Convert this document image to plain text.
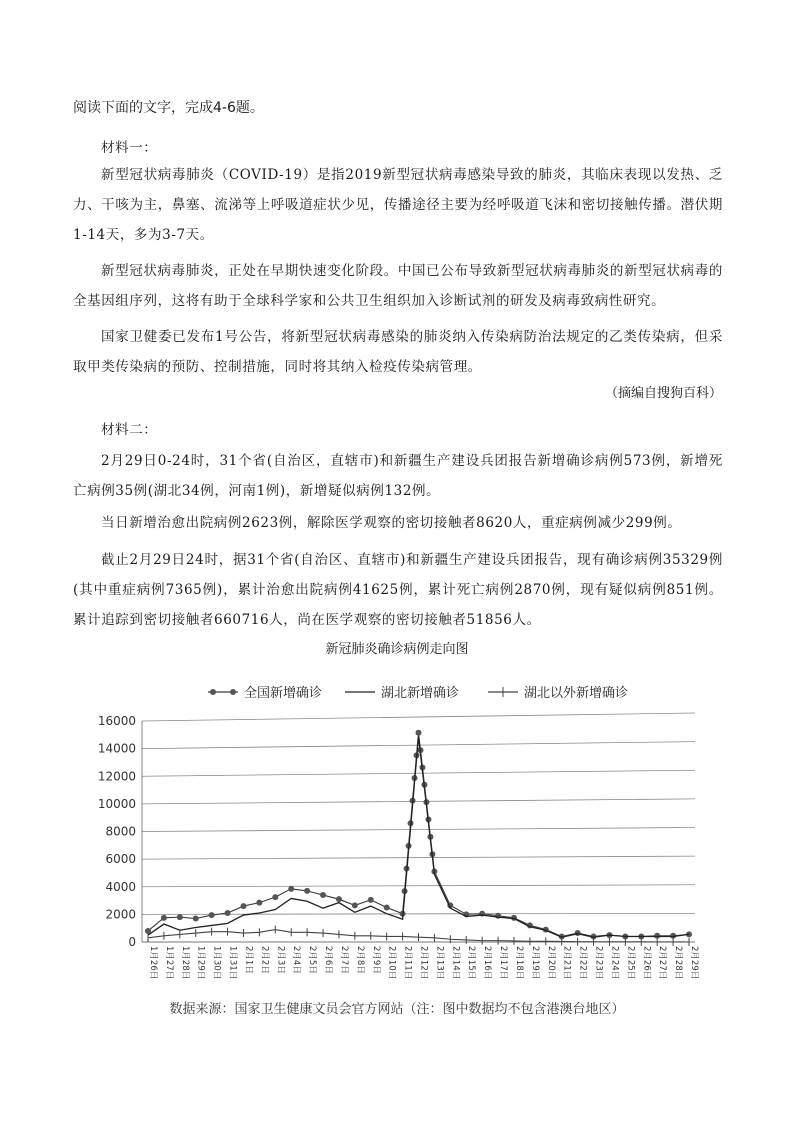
阅读下面的文字，完成4-6题。
材料一：
新型冠状病毒肺炎（COVID-19）是指2019新型冠状病毒感染导致的肺炎，其临床表现以发热、乏力、干咳为主，鼻塞、流涕等上呼吸道症状少见，传播途径主要为经呼吸道飞沫和密切接触传播。潜伏期1-14天，多为3-7天。
新型冠状病毒肺炎，正处在早期快速变化阶段。中国已公布导致新型冠状病毒肺炎的新型冠状病毒的全基因组序列，这将有助于全球科学家和公共卫生组织加入诊断试剂的研发及病毒致病性研究。
国家卫健委已发布1号公告，将新型冠状病毒感染的肺炎纳入传染病防治法规定的乙类传染病，但采取甲类传染病的预防、控制措施，同时将其纳入检疫传染病管理。
（摘编自搜狗百科）
材料二：
2月29日0-24时，31个省(自治区，直辖市)和新疆生产建设兵团报告新增确诊病例573例，新增死亡病例35例(湖北34例，河南1例)，新增疑似病例132例。
当日新增治愈出院病例2623例，解除医学观察的密切接触者8620人，重症病例减少299例。
截止2月29日24时，据31个省(自治区、直辖市)和新疆生产建设兵团报告，现有确诊病例35329例(其中重症病例7365例)，累计治愈出院病例41625例，累计死亡病例2870例，现有疑似病例851例。累计追踪到密切接触者660716人，尚在医学观察的密切接触者51856人。
新冠肺炎确诊病例走向图
0
2000
4000
6000
8000
10000
12000
14000
16000
1月26日 1月27日 1月28日 1月29日 1月30日 1月31日 2月1日 2月2日 2月3日 2月4日 2月5日 2月6日 2月7日 2月8日 2月9日 2月10日 2月11日 2月12日 2月13日 2月14日 2月15日 2月16日 2月17日 2月18日 2月19日 2月20日 2月21日 2月22日 2月23日 2月24日 2月25日 2月26日 2月27日 2月28日 2月29日
全国新增确诊	湖北新增确诊	湖北以外新增确诊
数据来源：国家卫生健康文员会官方网站（注：图中数据均不包含港澳台地区）
